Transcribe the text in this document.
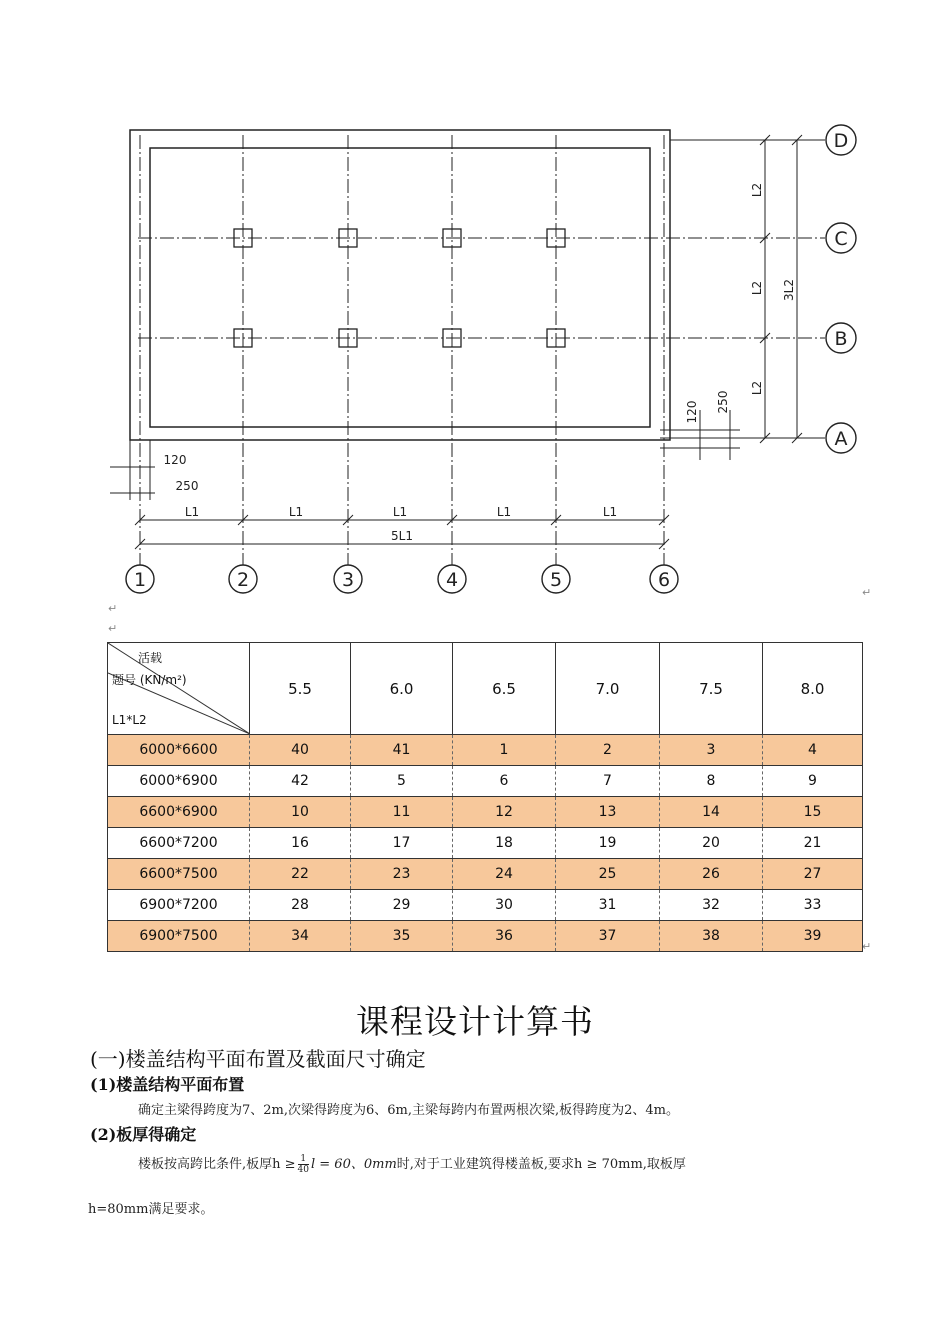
1	2	3	4	5	6
A
B
C
D
L1	L1	L1	L1	L1
5L1
120
250
L2
L2
L2
3L2
120 250
↵
↵
↵
↵
活载
题号 (KN/m²)
L1*L2	5.5	6.0	6.5	7.0	7.5	8.0
6000*6600	40	41	1	2	3	4
6000*6900	42	5	6	7	8	9
6600*6900	10	11	12	13	14	15
6600*7200	16	17	18	19	20	21
6600*7500	22	23	24	25	26	27
6900*7200	28	29	30	31	32	33
6900*7500	34	35	36	37	38	39
课程设计计算书
(一)楼盖结构平面布置及截面尺寸确定
(1)楼盖结构平面布置
确定主梁得跨度为7、2m,次梁得跨度为6、6m,主梁每跨内布置两根次梁,板得跨度为2、4m。
(2)板厚得确定
楼板按高跨比条件,板厚$h \ge \frac{1}{40}$ l = 60、0mm时,对于工业建筑得楼盖板,要求h ≥ 70mm,取板厚
h=80mm满足要求。
